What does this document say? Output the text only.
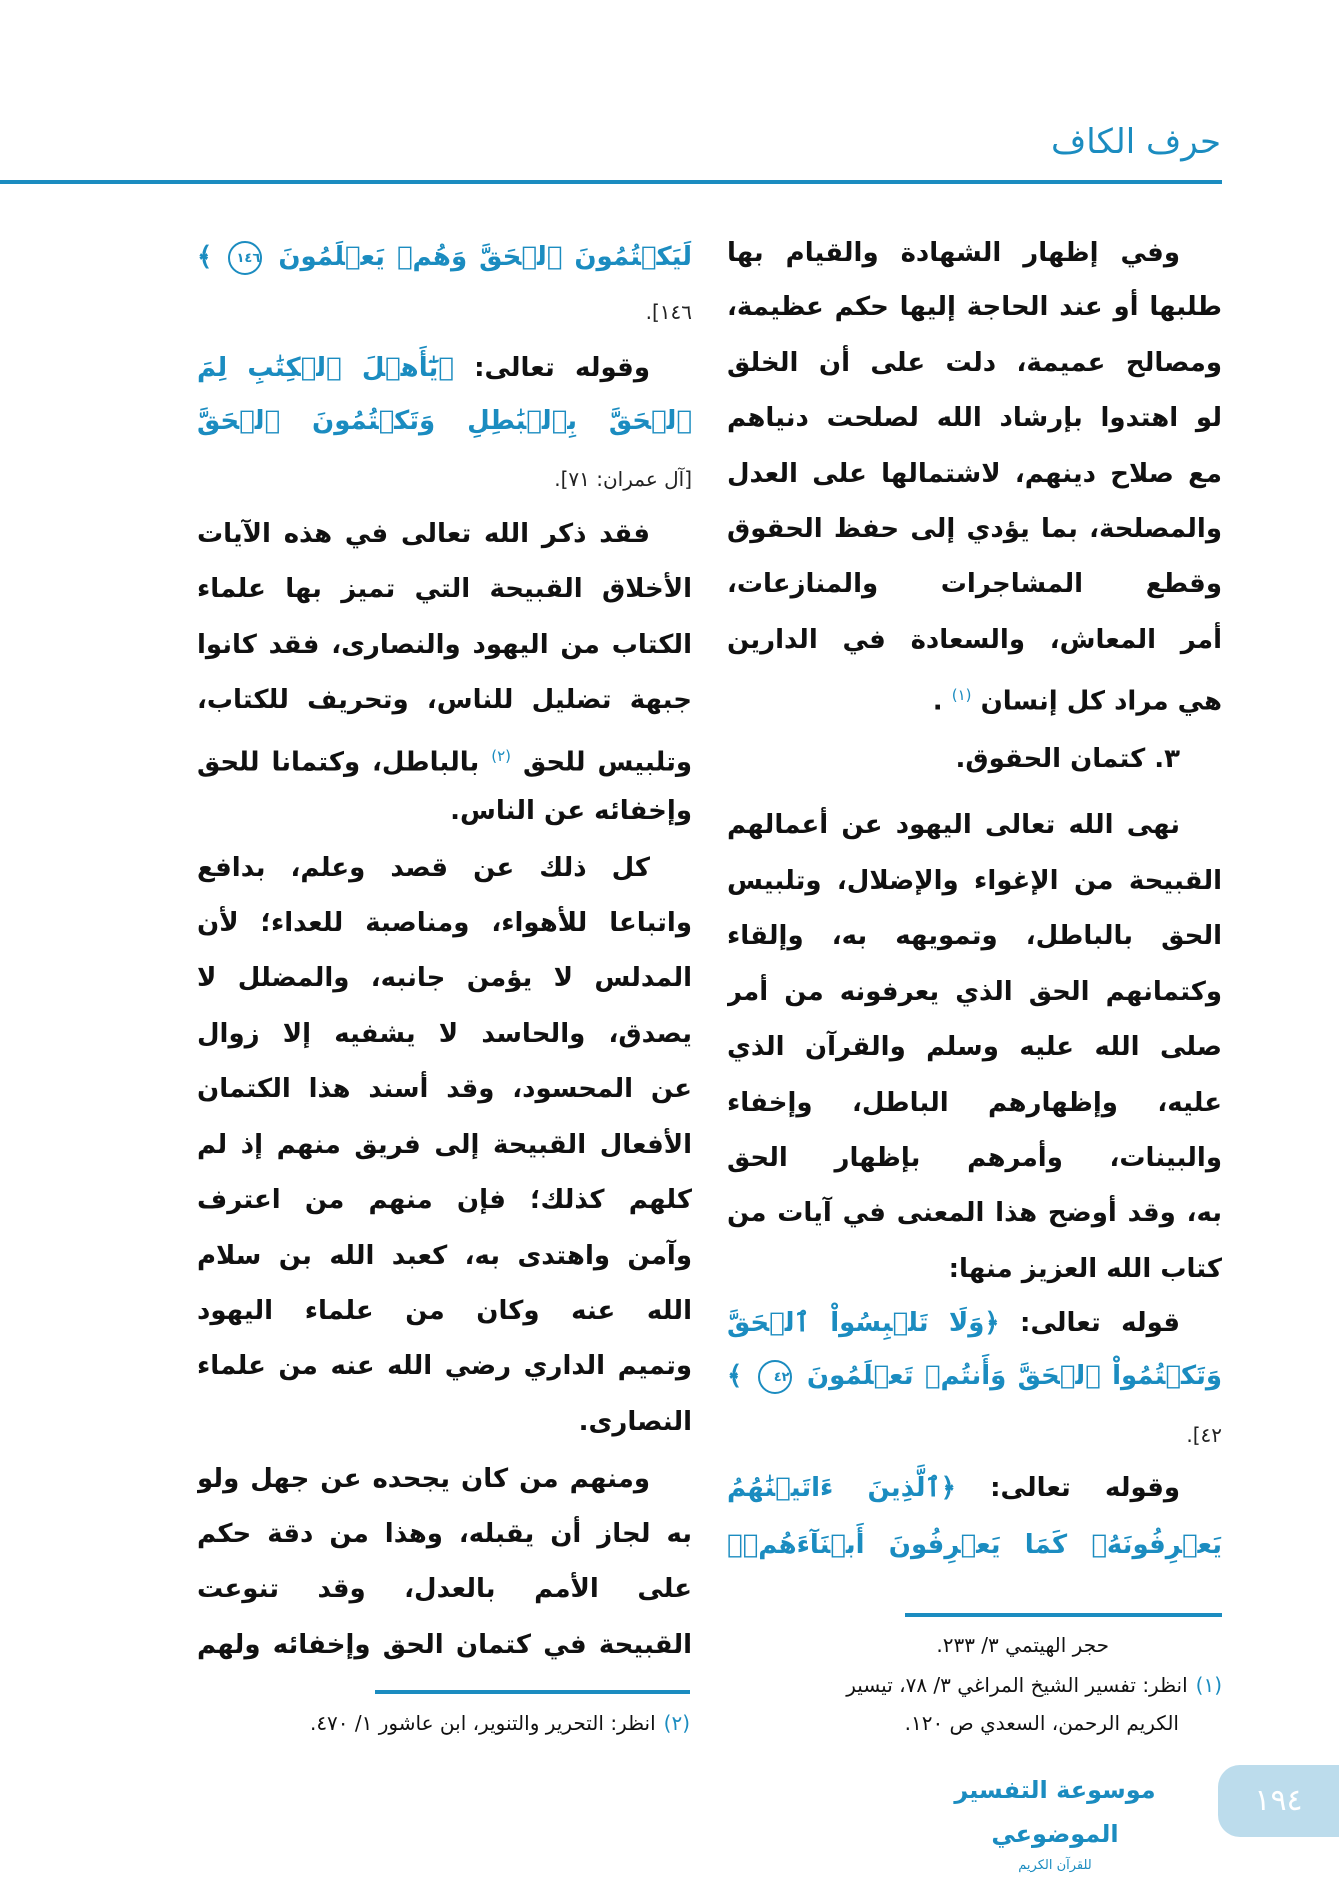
حرف الكاف
وفي إظهار الشهادة والقيام بها
طلبها أو عند الحاجة إليها حكم عظيمة،
ومصالح عميمة، دلت على أن الخلق
لو اهتدوا بإرشاد الله لصلحت دنياهم
مع صلاح دينهم، لاشتمالها على العدل
والمصلحة، بما يؤدي إلى حفظ الحقوق
وقطع المشاجرات والمنازعات،
أمر المعاش، والسعادة في الدارين
هي مراد كل إنسان $^{(١)}$ .
٣. كتمان الحقوق.
نهى الله تعالى اليهود عن أعمالهم
القبيحة من الإغواء والإضلال، وتلبيس
الحق بالباطل، وتمويهه به، وإلقاء
وكتمانهم الحق الذي يعرفونه من أمر
صلى الله عليه وسلم والقرآن الذي
عليه، وإظهارهم الباطل، وإخفاء
والبينات، وأمرهم بإظهار الحق
به، وقد أوضح هذا المعنى في آيات من
كتاب الله العزيز منها:
قوله تعالى: ﴿وَلَا تَلۡبِسُواْ ٱلۡحَقَّ
وَتَكۡتُمُواْ ٱلۡحَقَّ وَأَنتُمۡ تَعۡلَمُونَ ٤٢ ﴾
٤٢].
وقوله تعالى: ﴿ٱلَّذِينَ ءَاتَيۡنَٰهُمُ
يَعۡرِفُونَهُۥ كَمَا يَعۡرِفُونَ أَبۡنَآءَهُمۡۖ
لَيَكۡتُمُونَ ٱلۡحَقَّ وَهُمۡ يَعۡلَمُونَ ١٤٦ ﴾
١٤٦].
وقوله تعالى: ﴿يَٰٓأَهۡلَ ٱلۡكِتَٰبِ لِمَ
ٱلۡحَقَّ بِٱلۡبَٰطِلِ وَتَكۡتُمُونَ ٱلۡحَقَّ
[آل عمران: ٧١].
فقد ذكر الله تعالى في هذه الآيات
الأخلاق القبيحة التي تميز بها علماء
الكتاب من اليهود والنصارى، فقد كانوا
جبهة تضليل للناس، وتحريف للكتاب،
وتلبيس للحق $^{(٢)}$ بالباطل، وكتمانا للحق
وإخفائه عن الناس.
كل ذلك عن قصد وعلم، بدافع
واتباعا للأهواء، ومناصبة للعداء؛ لأن
المدلس لا يؤمن جانبه، والمضلل لا
يصدق، والحاسد لا يشفيه إلا زوال
عن المحسود، وقد أسند هذا الكتمان
الأفعال القبيحة إلى فريق منهم إذ لم
كلهم كذلك؛ فإن منهم من اعترف
وآمن واهتدى به، كعبد الله بن سلام
الله عنه وكان من علماء اليهود
وتميم الداري رضي الله عنه من علماء
النصارى.
ومنهم من كان يجحده عن جهل ولو
به لجاز أن يقبله، وهذا من دقة حكم
على الأمم بالعدل، وقد تنوعت
القبيحة في كتمان الحق وإخفائه ولهم	حجر الهيتمي ٣/ ٢٣٣.
(١)انظر: تفسير الشيخ المراغي ٣/ ٧٨، تيسير
الكريم الرحمن، السعدي ص ١٢٠.
(٢)انظر: التحرير والتنوير، ابن عاشور ١/ ٤٧٠.
موسوعة التفسير الموضوعي
للقرآن الكريم
١٩٤
